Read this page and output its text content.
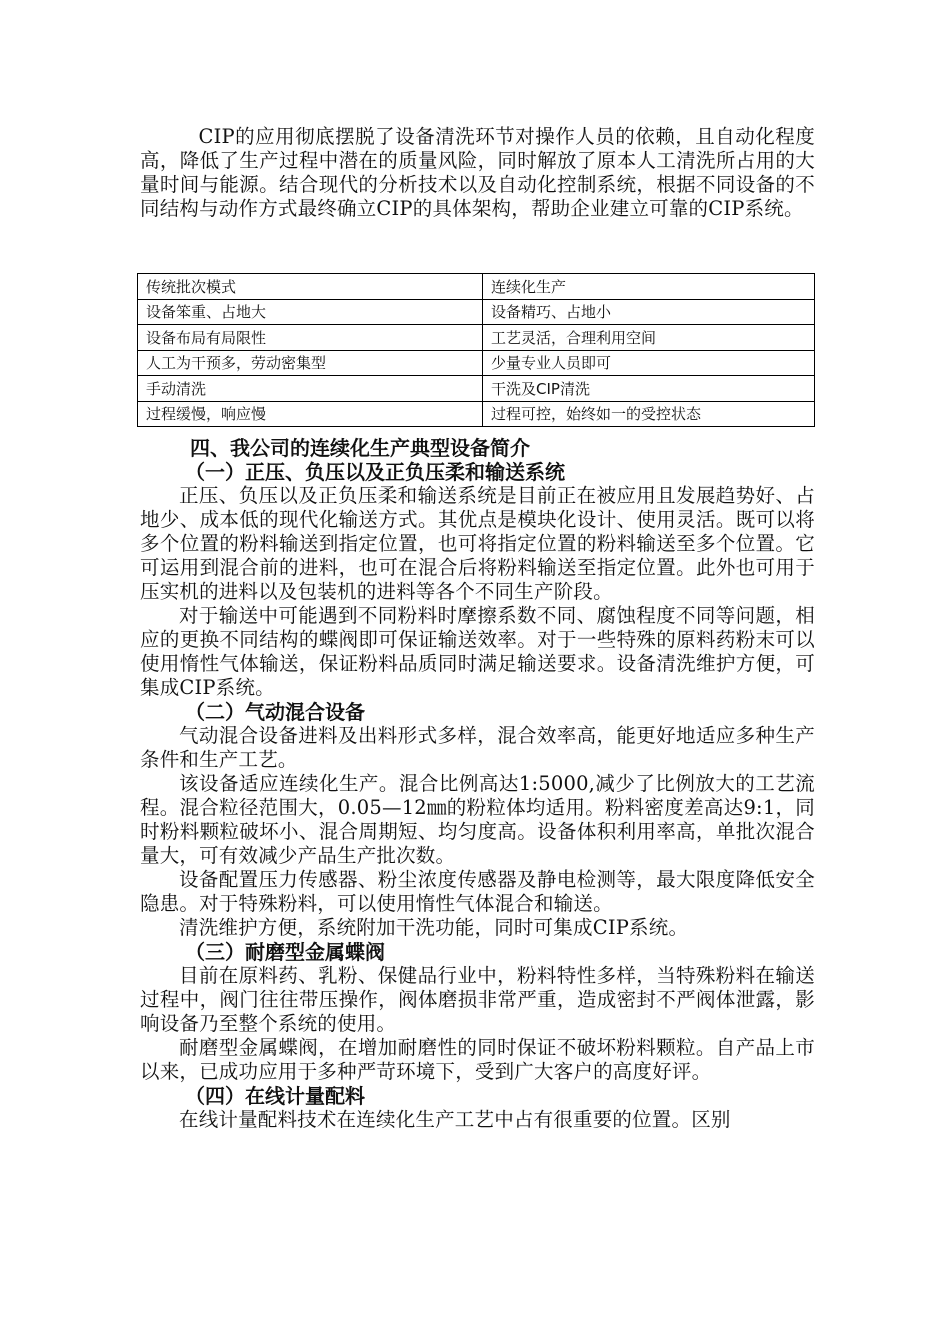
CIP的应用彻底摆脱了设备清洗环节对操作人员的依赖，且自动化程度高，降低了生产过程中潜在的质量风险，同时解放了原本人工清洗所占用的大量时间与能源。结合现代的分析技术以及自动化控制系统，根据不同设备的不同结构与动作方式最终确立CIP的具体架构，帮助企业建立可靠的CIP系统。

传统批次模式	连续化生产
设备笨重、占地大	设备精巧、占地小
设备布局有局限性	工艺灵活，合理利用空间
人工为干预多，劳动密集型	少量专业人员即可
手动清洗	干洗及CIP清洗
过程缓慢，响应慢	过程可控，始终如一的受控状态

四、我公司的连续化生产典型设备简介

（一）正压、负压以及正负压柔和输送系统

正压、负压以及正负压柔和输送系统是目前正在被应用且发展趋势好、占地少、成本低的现代化输送方式。其优点是模块化设计、使用灵活。既可以将多个位置的粉料输送到指定位置，也可将指定位置的粉料输送至多个位置。它可运用到混合前的进料，也可在混合后将粉料输送至指定位置。此外也可用于压实机的进料以及包装机的进料等各个不同生产阶段。

对于输送中可能遇到不同粉料时摩擦系数不同、腐蚀程度不同等问题，相应的更换不同结构的蝶阀即可保证输送效率。对于一些特殊的原料药粉末可以使用惰性气体输送，保证粉料品质同时满足输送要求。设备清洗维护方便，可集成CIP系统。

（二）气动混合设备

气动混合设备进料及出料形式多样，混合效率高，能更好地适应多种生产条件和生产工艺。

该设备适应连续化生产。混合比例高达1:5000,减少了比例放大的工艺流程。混合粒径范围大，0.05—12㎜的粉粒体均适用。粉料密度差高达9:1，同时粉料颗粒破坏小、混合周期短、均匀度高。设备体积利用率高，单批次混合量大，可有效减少产品生产批次数。

设备配置压力传感器、粉尘浓度传感器及静电检测等，最大限度降低安全隐患。对于特殊粉料，可以使用惰性气体混合和输送。

清洗维护方便，系统附加干洗功能，同时可集成CIP系统。

（三）耐磨型金属蝶阀

目前在原料药、乳粉、保健品行业中，粉料特性多样，当特殊粉料在输送过程中，阀门往往带压操作，阀体磨损非常严重，造成密封不严阀体泄露，影响设备乃至整个系统的使用。

耐磨型金属蝶阀，在增加耐磨性的同时保证不破坏粉料颗粒。自产品上市以来，已成功应用于多种严苛环境下，受到广大客户的高度好评。

（四）在线计量配料

在线计量配料技术在连续化生产工艺中占有很重要的位置。区别
